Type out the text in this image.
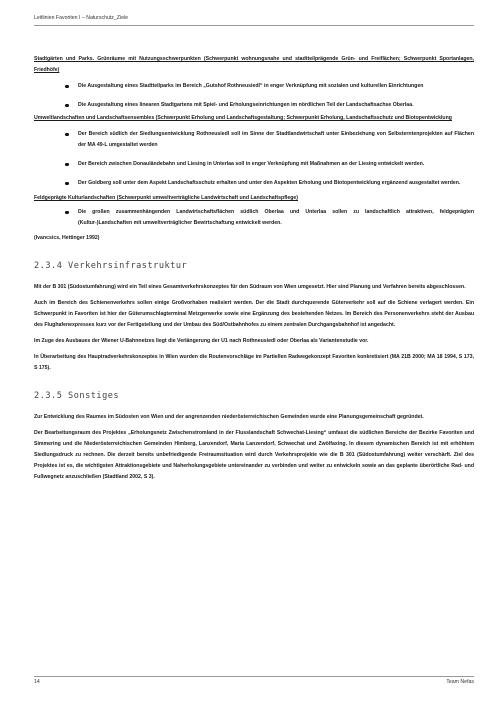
Leitlinien Favoriten I – Naturschutz_Ziele

Stadtgärten und Parks. Grünräume mit Nutzungsschwerpunkten (Schwerpunkt wohnungsnahe und stadtteilprägende Grün- und Freiflächen; Schwerpunkt Sportanlagen, Friedhöfe)

Die Ausgestaltung eines Stadtteilparks im Bereich „Gutshof Rothneusiedl“ in enger Verknüpfung mit sozialen und kulturellen Einrichtungen
Die Ausgestaltung eines linearen Stadtgartens mit Spiel- und Erholungseinrichtungen im nördlichen Teil der Landschaftsachse Oberlaa.

Umweltlandschaften und Landschaftsensembles (Schwerpunkt Erholung und Landschaftsgestaltung; Schwerpunkt Erholung, Landschaftsschutz und Biotopentwicklung

Der Bereich südlich der Siedlungsentwicklung Rothneusiedl soll im Sinne der Stadtlandwirtschaft unter Einbeziehung von Selbsterntenprojekten auf Flächen der MA 49-L umgestaltet werden
Der Bereich zwischen Donauländebahn und Liesing in Unterlaa soll in enger Verknüpfung mit Maßnahmen an der Liesing entwickelt werden.
Der Goldberg soll unter dem Aspekt Landschaftsschutz erhalten und unter den Aspekten Erholung und Biotopentwicklung ergänzend ausgestaltet werden.

Feldgeprägte Kulturlandschaften (Schwerpunkt umweltverträgliche Landwirtschaft und Landschaftspflege)

Die großen zusammenhängenden Landwirtschaftsflächen südlich Oberlaa und Unterlaa sollen zu landschaftlich attraktiven, feldgeprägten (Kultur-)Landschaften mit umweltverträglicher Bewirtschaftung entwickelt werden.

(Ivancsics, Hettinger 1992)

2.3.4 Verkehrsinfrastruktur

Mit der B 301 (Südostumfahrung) wird ein Teil eines Gesamtverkehrskonzeptes für den Südraum von Wien umgesetzt. Hier sind Planung und Verfahren bereits abgeschlossen.

Auch im Bereich des Schienenverkehrs sollen einige Großvorhaben realisiert werden. Der die Stadt durchquerende Güterverkehr soll auf die Schiene verlagert werden. Ein Schwerpunkt in Favoriten ist hier der Güterumschlagterminal Metzgerwerke sowie eine Ergänzung des bestehenden Netzes. Im Bereich des Personenverkehrs steht der Ausbau des Flughafenexpresses kurz vor der Fertigstellung und der Umbau des Süd/Ostbahnhofes zu einem zentralen Durchgangsbahnhof ist angedacht.

Im Zuge des Ausbaues der Wiener U-Bahnnetzes liegt die Verlängerung der U1 nach Rothneusiedl oder Oberlaa als Variantenstudie vor.

In Überarbeitung des Hauptradverkehrskonzeptes in Wien wurden die Routenvorschläge im Partiellen Radwegekonzept Favoriten konkretisiert (MA 21B 2000; MA 18 1994, S 173, S 175).

2.3.5 Sonstiges

Zur Entwicklung des Raumes im Südosten von Wien und der angrenzenden niederösterreichischen Gemeinden wurde eine Planungsgemeinschaft gegründet.

Der Bearbeitungsraum des Projektes „Erholungsnetz Zwischenstromland in der Flusslandschaft Schwechat-Liesing“ umfasst die südlichen Bereiche der Bezirke Favoriten und Simmering und die Niederösterreichischen Gemeinden Himberg, Lanzendorf, Maria Lanzendorf, Schwechat und Zwölfaxing. In diesem dynamischen Bereich ist mit erhöhtem Siedlungsdruck zu rechnen. Die derzeit bereits unbefriedigende Freiraumsituation wird durch Verkehrsprojekte wie die B 301 (Südostumfahrung) weiter verschärft. Ziel des Projektes ist es, die wichtigsten Attraktionsgebiete und Naherholungsgebiete untereinander zu verbinden und weiter zu entwickeln sowie an das geplante überörtliche Rad- und Fußwegnetz anzuschließen (Stadtland 2002, S 3).

14	Team Nefas
